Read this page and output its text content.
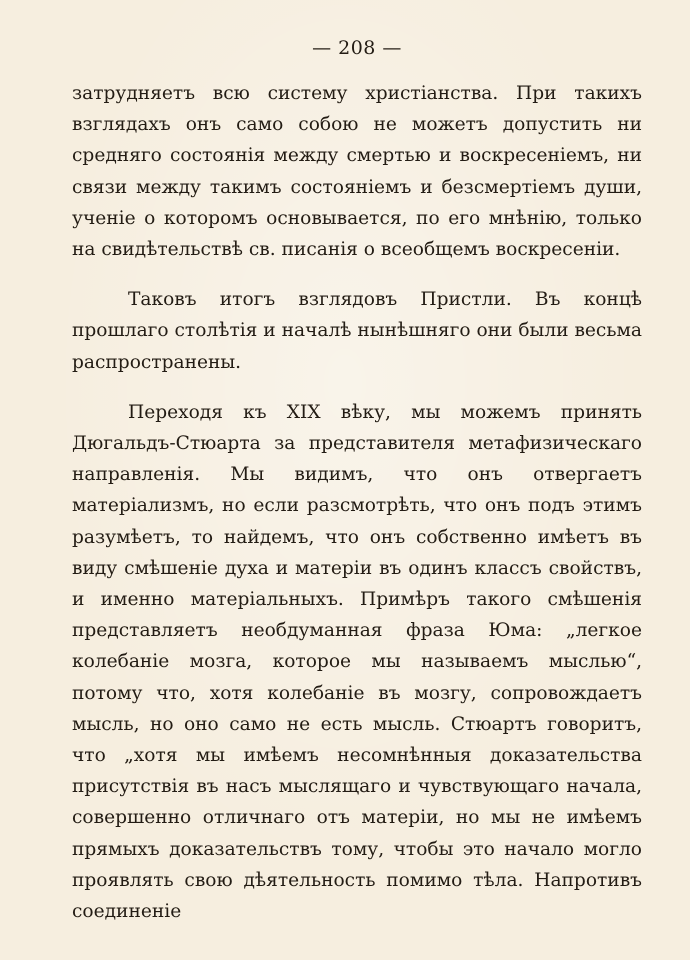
— 208 —

затрудняетъ всю систему христіанства. При такихъ взглядахъ онъ само собою не можетъ допустить ни средняго состоянія между смертью и воскресеніемъ, ни связи между такимъ состояніемъ и безсмертіемъ души, ученіе о которомъ основывается, по его мнѣнію, только на свидѣтельствѣ св. писанія о всеобщемъ воскресеніи.

Таковъ итогъ взглядовъ Пристли. Въ концѣ прошлаго столѣтія и началѣ нынѣшняго они были весьма распространены.

Переходя къ XIX вѣку, мы можемъ принять Дюгальдъ-Стюарта за представителя метафизическаго направленія. Мы видимъ, что онъ отвергаетъ матеріализмъ, но если разсмотрѣть, что онъ подъ этимъ разумѣетъ, то найдемъ, что онъ собственно имѣетъ въ виду смѣшеніе духа и матеріи въ одинъ классъ свойствъ, и именно матеріальныхъ. Примѣръ такого смѣшенія представляетъ необдуманная фраза Юма: „легкое колебаніе мозга, которое мы называемъ мыслью“, потому что, хотя колебаніе въ мозгу, сопровождаетъ мысль, но оно само не есть мысль. Стюартъ говоритъ, что „хотя мы имѣемъ несомнѣнныя доказательства присутствія въ насъ мыслящаго и чувствующаго начала, совершенно отличнаго отъ матеріи, но мы не имѣемъ прямыхъ доказательствъ тому, чтобы это начало могло проявлять свою дѣятельность помимо тѣла. Напротивъ соединеніе
